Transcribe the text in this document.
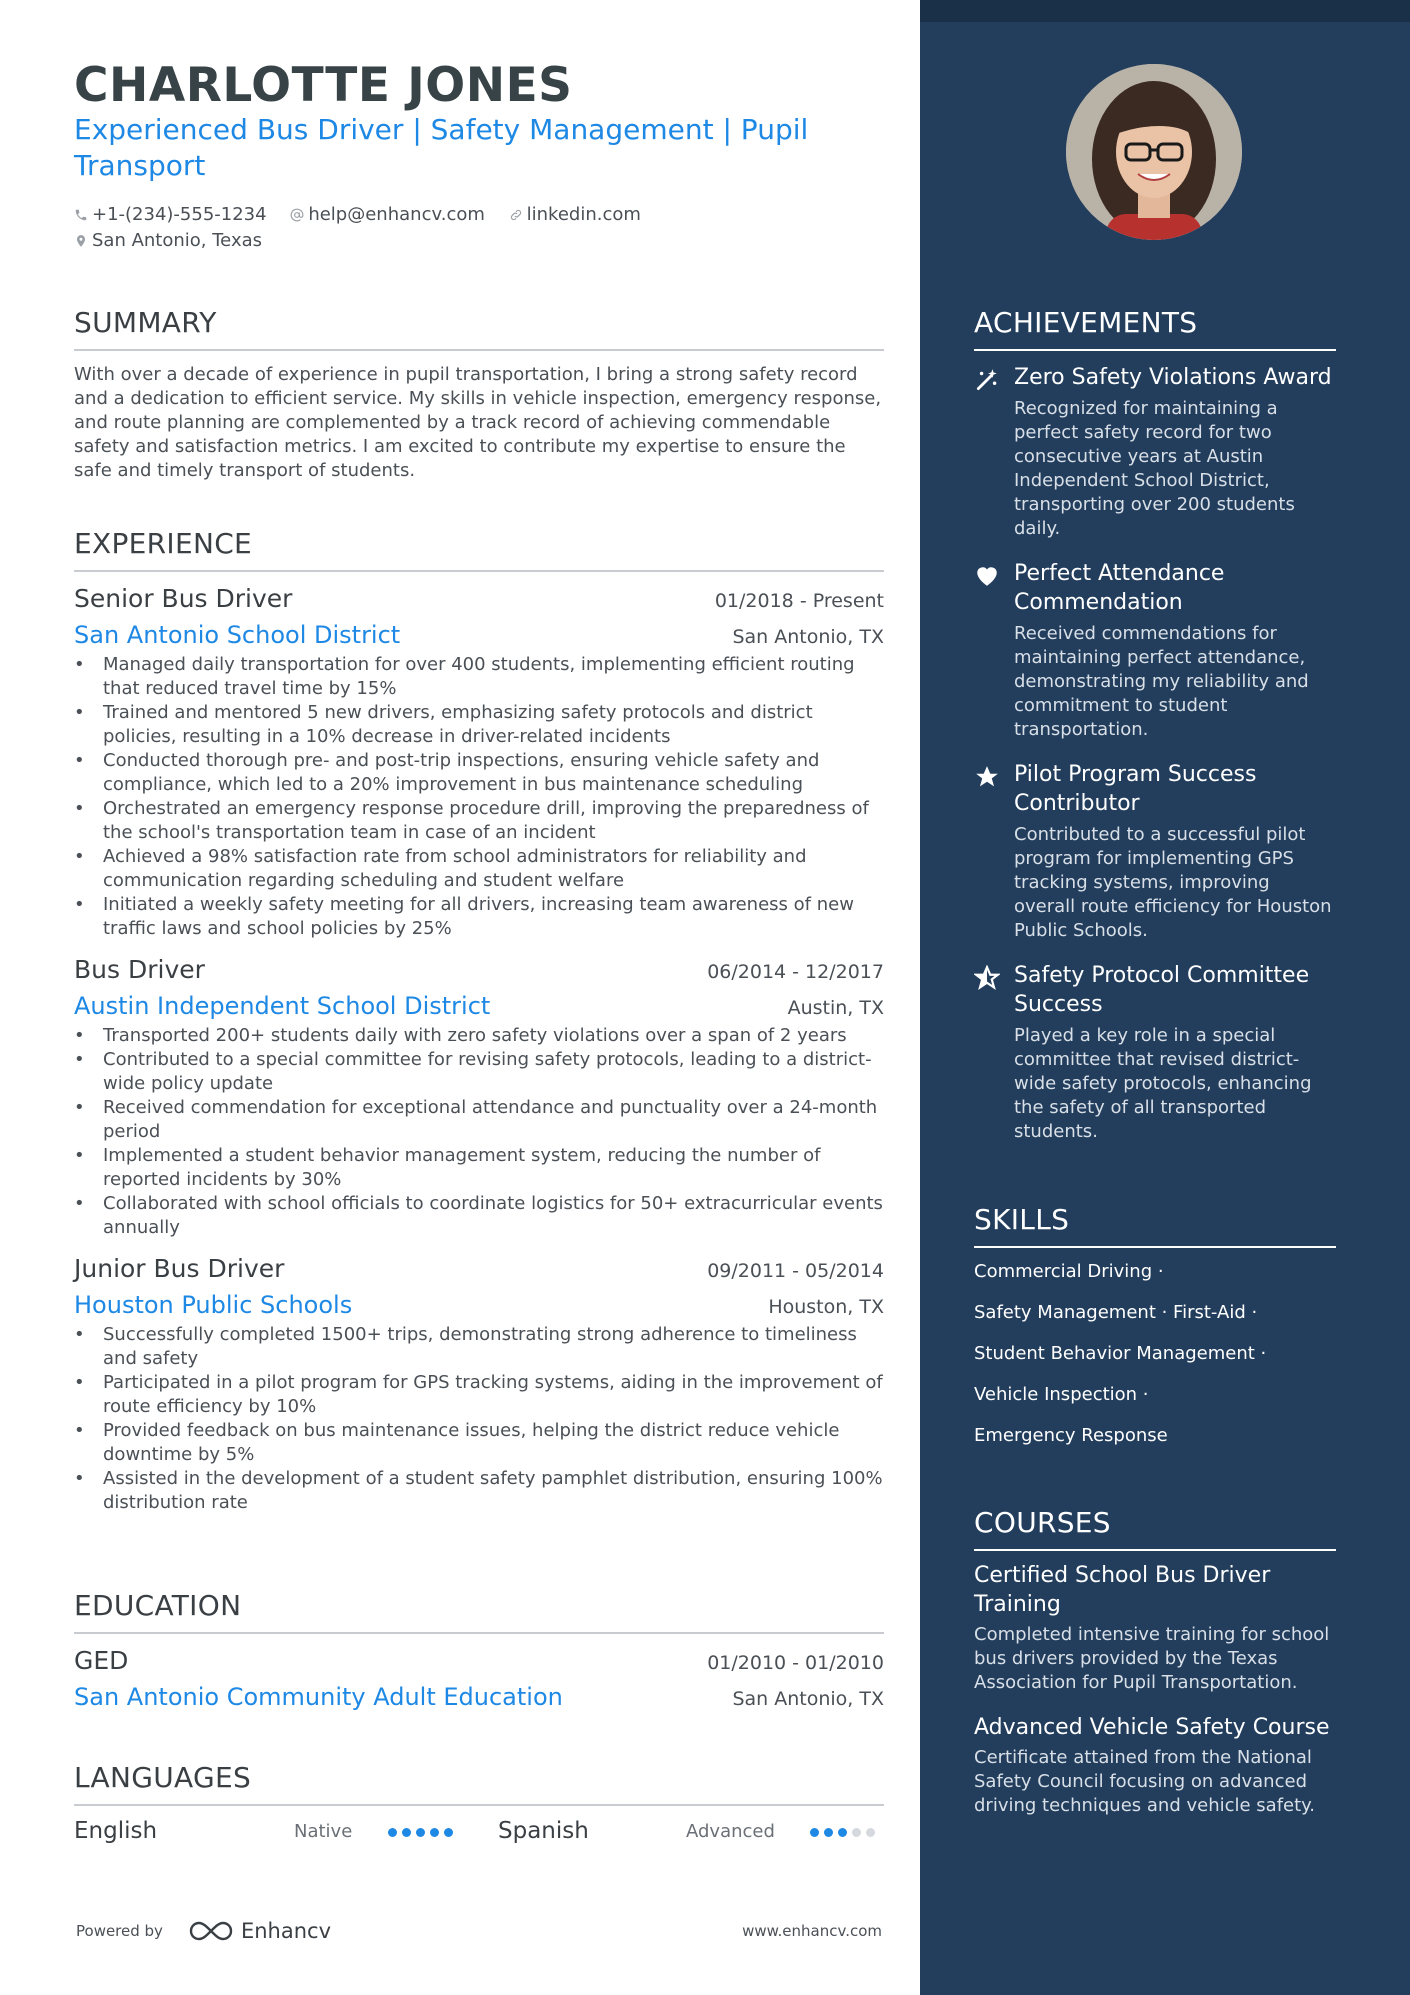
CHARLOTTE JONES
Experienced Bus Driver | Safety Management | Pupil Transport
+1-(234)-555-1234 help@enhancv.com linkedin.com
San Antonio, Texas
SUMMARY
With over a decade of experience in pupil transportation, I bring a strong safety record and a dedication to efficient service. My skills in vehicle inspection, emergency response, and route planning are complemented by a track record of achieving commendable safety and satisfaction metrics. I am excited to contribute my expertise to ensure the safe and timely transport of students.
EXPERIENCE
Senior Bus Driver	01/2018 - Present
San Antonio School District	San Antonio, TX
• Managed daily transportation for over 400 students, implementing efficient routing that reduced travel time by 15%
• Trained and mentored 5 new drivers, emphasizing safety protocols and district policies, resulting in a 10% decrease in driver-related incidents
• Conducted thorough pre- and post-trip inspections, ensuring vehicle safety and compliance, which led to a 20% improvement in bus maintenance scheduling
• Orchestrated an emergency response procedure drill, improving the preparedness of the school's transportation team in case of an incident
• Achieved a 98% satisfaction rate from school administrators for reliability and communication regarding scheduling and student welfare
• Initiated a weekly safety meeting for all drivers, increasing team awareness of new traffic laws and school policies by 25%
Bus Driver	06/2014 - 12/2017
Austin Independent School District	Austin, TX
• Transported 200+ students daily with zero safety violations over a span of 2 years
• Contributed to a special committee for revising safety protocols, leading to a district-wide policy update
• Received commendation for exceptional attendance and punctuality over a 24-month period
• Implemented a student behavior management system, reducing the number of reported incidents by 30%
• Collaborated with school officials to coordinate logistics for 50+ extracurricular events annually
Junior Bus Driver	09/2011 - 05/2014
Houston Public Schools	Houston, TX
• Successfully completed 1500+ trips, demonstrating strong adherence to timeliness and safety
• Participated in a pilot program for GPS tracking systems, aiding in the improvement of route efficiency by 10%
• Provided feedback on bus maintenance issues, helping the district reduce vehicle downtime by 5%
• Assisted in the development of a student safety pamphlet distribution, ensuring 100% distribution rate
EDUCATION
GED	01/2010 - 01/2010
San Antonio Community Adult Education	San Antonio, TX
LANGUAGES
English	Native	Spanish	Advanced
Powered by	Enhancv	www.enhancv.com
ACHIEVEMENTS
Zero Safety Violations Award
Recognized for maintaining a perfect safety record for two consecutive years at Austin Independent School District, transporting over 200 students daily.
Perfect Attendance Commendation
Received commendations for maintaining perfect attendance, demonstrating my reliability and commitment to student transportation.
Pilot Program Success Contributor
Contributed to a successful pilot program for implementing GPS tracking systems, improving overall route efficiency for Houston Public Schools.
Safety Protocol Committee Success
Played a key role in a special committee that revised district-wide safety protocols, enhancing the safety of all transported students.
SKILLS
Commercial Driving ·
Safety Management · First-Aid ·
Student Behavior Management ·
Vehicle Inspection ·
Emergency Response
COURSES
Certified School Bus Driver Training
Completed intensive training for school bus drivers provided by the Texas Association for Pupil Transportation.
Advanced Vehicle Safety Course
Certificate attained from the National Safety Council focusing on advanced driving techniques and vehicle safety.
